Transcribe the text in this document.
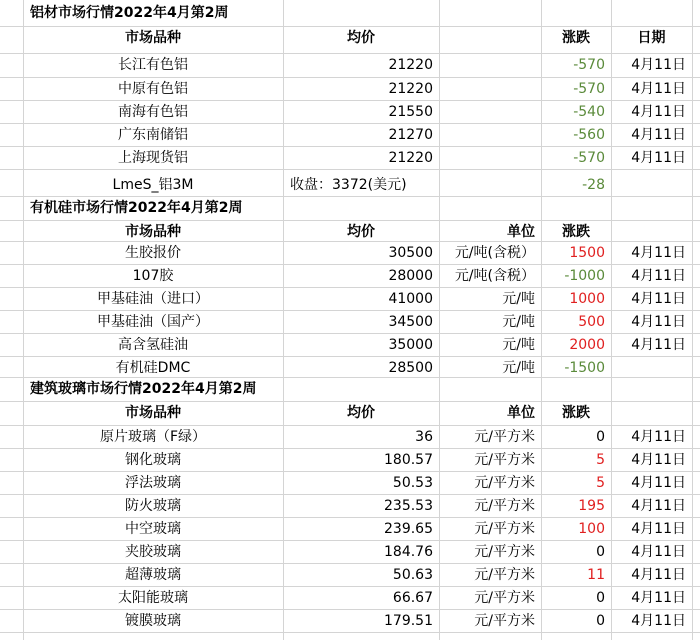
铝材市场行情2022年4月第2周
市场品种	均价	涨跌	日期
长江有色铝	21220	-570	4月11日
中原有色铝	21220	-570	4月11日
南海有色铝	21550	-540	4月11日
广东南储铝	21270	-560	4月11日
上海现货铝	21220	-570	4月11日
LmeS_铝3M	收盘：3372(美元)	-28
有机硅市场行情2022年4月第2周
市场品种	均价	单位	涨跌
生胶报价	30500	元/吨(含税）	1500	4月11日
107胶	28000	元/吨(含税）	-1000	4月11日
甲基硅油（进口）	41000	元/吨	1000	4月11日
甲基硅油（国产）	34500	元/吨	500	4月11日
高含氢硅油	35000	元/吨	2000	4月11日
有机硅DMC	28500	元/吨	-1500
建筑玻璃市场行情2022年4月第2周
市场品种	均价	单位	涨跌
原片玻璃（F绿）	36	元/平方米	0	4月11日
钢化玻璃	180.57	元/平方米	5	4月11日
浮法玻璃	50.53	元/平方米	5	4月11日
防火玻璃	235.53	元/平方米	195	4月11日
中空玻璃	239.65	元/平方米	100	4月11日
夹胶玻璃	184.76	元/平方米	0	4月11日
超薄玻璃	50.63	元/平方米	11	4月11日
太阳能玻璃	66.67	元/平方米	0	4月11日
镀膜玻璃	179.51	元/平方米	0	4月11日
